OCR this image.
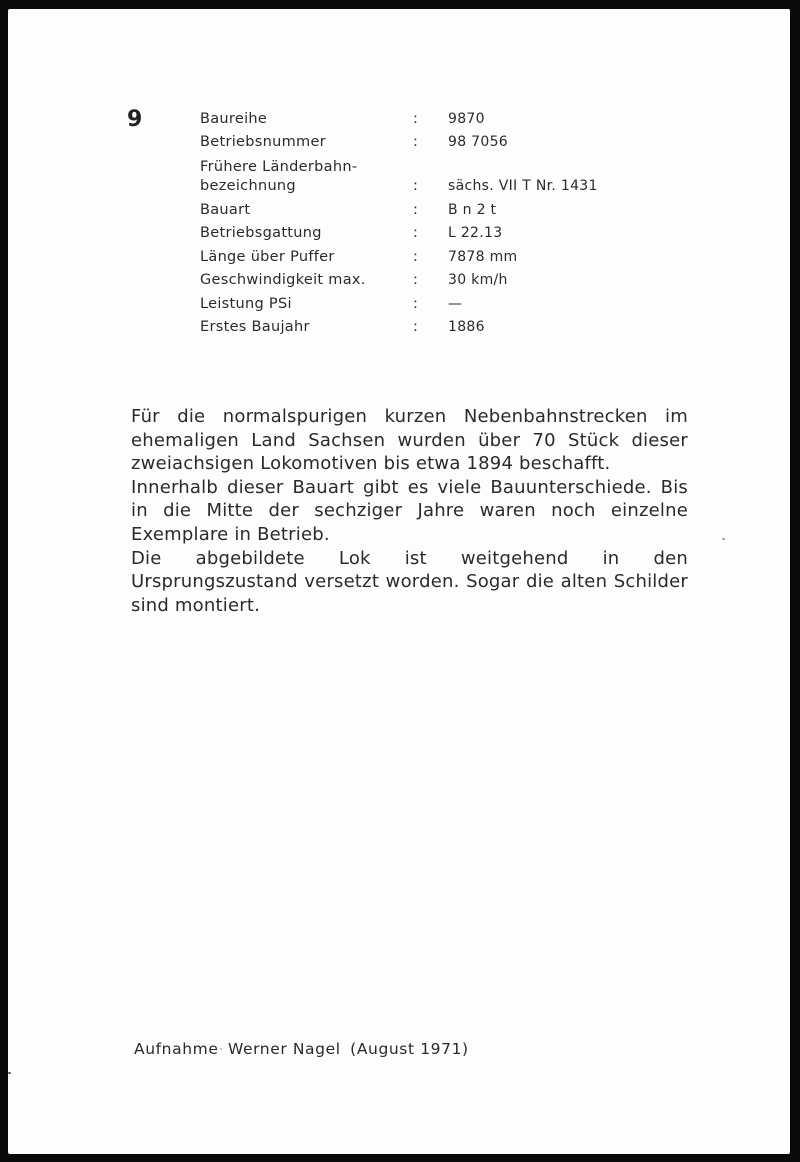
9	Baureihe	:	9870
Betriebsnummer	:	98 7056
Frühere Länderbahn-
bezeichnung	:	sächs. VII T Nr. 1431
Bauart	:	B n 2 t
Betriebsgattung	:	L 22.13
Länge über Puffer	:	7878 mm
Geschwindigkeit max.	:	30 km/h
Leistung PSi	:	—
Erstes Baujahr	:	1886

Für die normalspurigen kurzen Nebenbahnstrecken im ehemaligen Land Sachsen wurden über 70 Stück dieser zweiachsigen Lokomotiven bis etwa 1894 beschafft.

Innerhalb dieser Bauart gibt es viele Bauunterschiede. Bis in die Mitte der sechziger Jahre waren noch einzelne Exemplare in Betrieb.

Die abgebildete Lok ist weitgehend in den Ursprungszustand versetzt worden. Sogar die alten Schilder sind montiert.

Aufnahme· Werner Nagel (August 1971)
